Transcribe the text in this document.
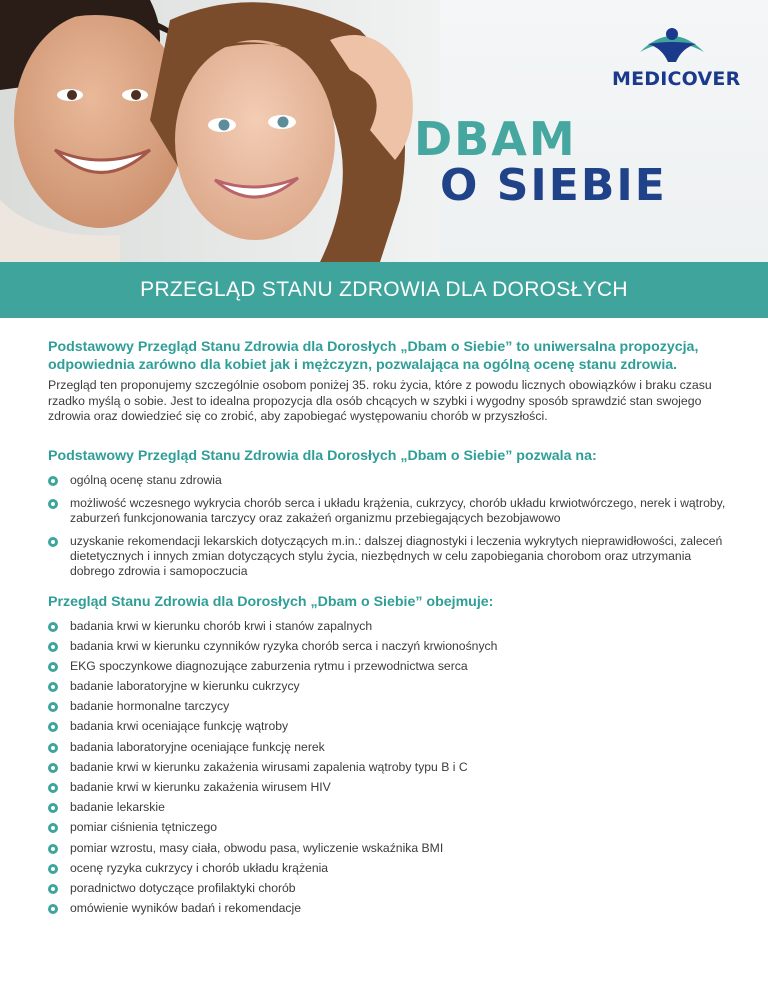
MEDICOVER
DBAM
O SIEBIE
PRZEGLĄD STANU ZDROWIA DLA DOROSŁYCH
Podstawowy Przegląd Stanu Zdrowia dla Dorosłych „Dbam o Siebie” to uniwersalna propozycja, odpowiednia zarówno dla kobiet jak i mężczyzn, pozwalająca na ogólną ocenę stanu zdrowia.

Przegląd ten proponujemy szczególnie osobom poniżej 35. roku życia, które z powodu licznych obowiązków i braku czasu rzadko myślą o sobie. Jest to idealna propozycja dla osób chcących w szybki i wygodny sposób sprawdzić stan swojego zdrowia oraz dowiedzieć się co zrobić, aby zapobiegać występowaniu chorób w przyszłości.

Podstawowy Przegląd Stanu Zdrowia dla Dorosłych „Dbam o Siebie” pozwala na:
ogólną ocenę stanu zdrowia
możliwość wczesnego wykrycia chorób serca i układu krążenia, cukrzycy, chorób układu krwiotwórczego, nerek i wątroby, zaburzeń funkcjonowania tarczycy oraz zakażeń organizmu przebiegających bezobjawowo
uzyskanie rekomendacji lekarskich dotyczących m.in.: dalszej diagnostyki i leczenia wykrytych nieprawidłowości, zaleceń dietetycznych i innych zmian dotyczących stylu życia, niezbędnych w celu zapobiegania chorobom oraz utrzymania dobrego zdrowia i samopoczucia
Przegląd Stanu Zdrowia dla Dorosłych „Dbam o Siebie” obejmuje:
badania krwi w kierunku chorób krwi i stanów zapalnych
badania krwi w kierunku czynników ryzyka chorób serca i naczyń krwionośnych
EKG spoczynkowe diagnozujące zaburzenia rytmu i przewodnictwa serca
badanie laboratoryjne w kierunku cukrzycy
badanie hormonalne tarczycy
badania krwi oceniające funkcję wątroby
badania laboratoryjne oceniające funkcję nerek
badanie krwi w kierunku zakażenia wirusami zapalenia wątroby typu B i C
badanie krwi w kierunku zakażenia wirusem HIV
badanie lekarskie
pomiar ciśnienia tętniczego
pomiar wzrostu, masy ciała, obwodu pasa, wyliczenie wskaźnika BMI
ocenę ryzyka cukrzycy i chorób układu krążenia
poradnictwo dotyczące profilaktyki chorób
omówienie wyników badań i rekomendacje
